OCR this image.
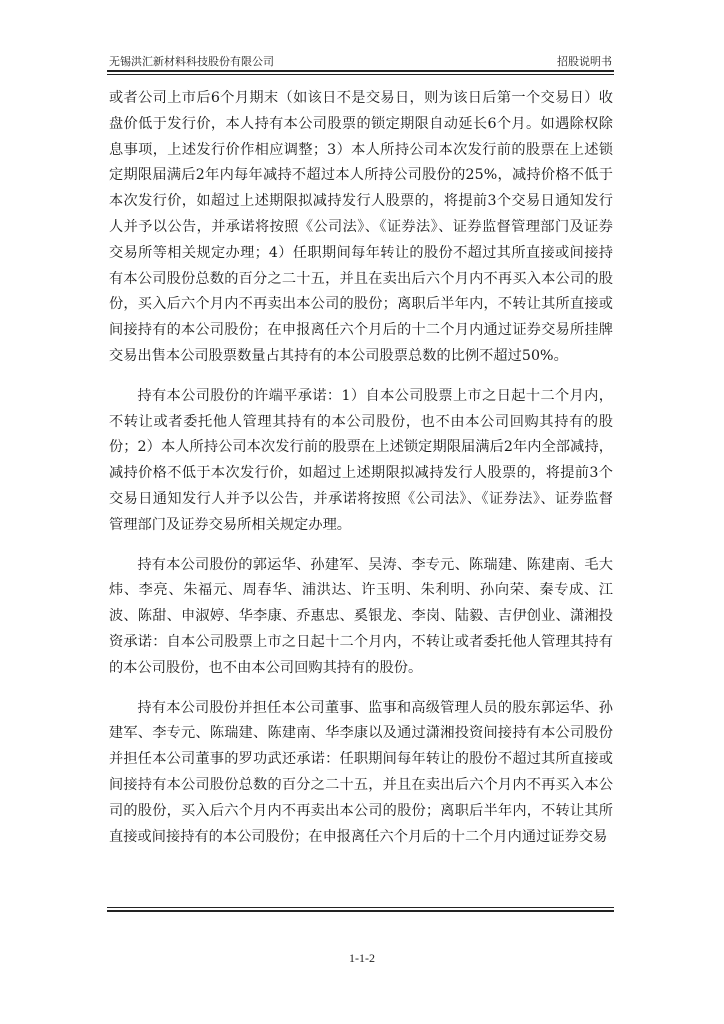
无锡洪汇新材料科技股份有限公司	招股说明书

或者公司上市后6个月期末（如该日不是交易日，则为该日后第一个交易日）收盘价低于发行价，本人持有本公司股票的锁定期限自动延长6个月。如遇除权除息事项，上述发行价作相应调整；3）本人所持公司本次发行前的股票在上述锁定期限届满后2年内每年减持不超过本人所持公司股份的25%，减持价格不低于本次发行价，如超过上述期限拟减持发行人股票的，将提前3个交易日通知发行人并予以公告，并承诺将按照《公司法》、《证券法》、证券监督管理部门及证券交易所等相关规定办理；4）任职期间每年转让的股份不超过其所直接或间接持有本公司股份总数的百分之二十五，并且在卖出后六个月内不再买入本公司的股份，买入后六个月内不再卖出本公司的股份；离职后半年内，不转让其所直接或间接持有的本公司股份；在申报离任六个月后的十二个月内通过证券交易所挂牌交易出售本公司股票数量占其持有的本公司股票总数的比例不超过50%。

持有本公司股份的许端平承诺：1）自本公司股票上市之日起十二个月内，不转让或者委托他人管理其持有的本公司股份，也不由本公司回购其持有的股份；2）本人所持公司本次发行前的股票在上述锁定期限届满后2年内全部减持，减持价格不低于本次发行价，如超过上述期限拟减持发行人股票的，将提前3个交易日通知发行人并予以公告，并承诺将按照《公司法》、《证券法》、证券监督管理部门及证券交易所相关规定办理。

持有本公司股份的郭运华、孙建军、吴涛、李专元、陈瑞建、陈建南、毛大炜、李亮、朱福元、周春华、浦洪达、许玉明、朱利明、孙向荣、秦专成、江波、陈甜、申淑婷、华李康、乔惠忠、奚银龙、李岗、陆毅、吉伊创业、潇湘投资承诺：自本公司股票上市之日起十二个月内，不转让或者委托他人管理其持有的本公司股份，也不由本公司回购其持有的股份。

持有本公司股份并担任本公司董事、监事和高级管理人员的股东郭运华、孙建军、李专元、陈瑞建、陈建南、华李康以及通过潇湘投资间接持有本公司股份并担任本公司董事的罗功武还承诺：任职期间每年转让的股份不超过其所直接或间接持有本公司股份总数的百分之二十五，并且在卖出后六个月内不再买入本公司的股份，买入后六个月内不再卖出本公司的股份；离职后半年内，不转让其所直接或间接持有的本公司股份；在申报离任六个月后的十二个月内通过证券交易

1-1-2
